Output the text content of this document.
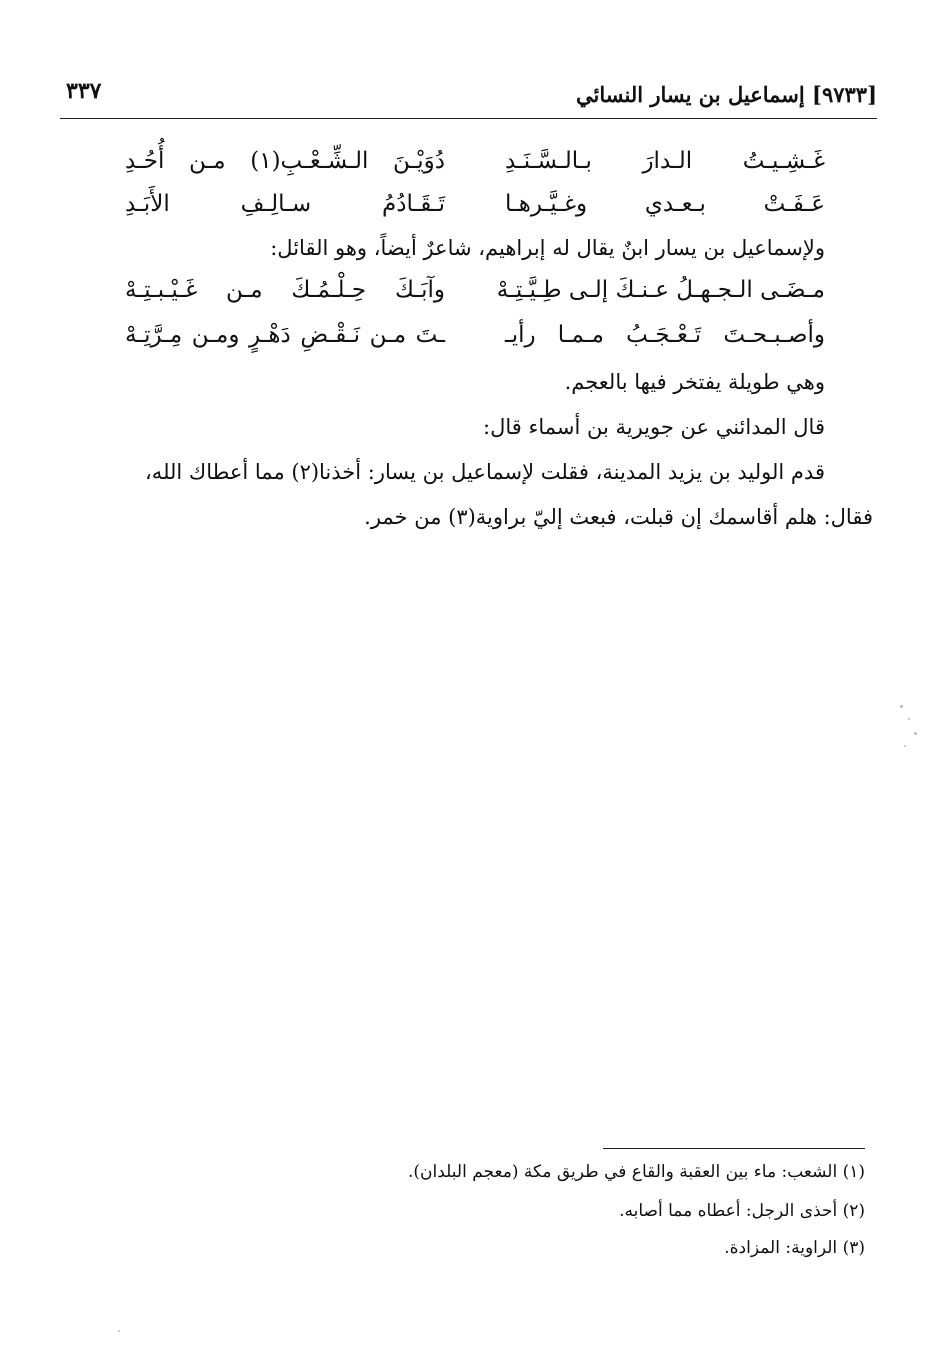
٣٣٧	[٩٧٣٣] إسماعيل بن يسار النسائي
غَـشِـيـتُ الـدارَ بـالـسَّـنَـدِ
دُوَيْـنَ الـشِّـعْـبِ(١) مـن أُحُـدِ
عَـفَـتْ بـعـدي وغـيَّـرهـا
تَـقَـادُمُ سـالِـفِ الأَبَـدِ
ولإسماعيل بن يسار ابنٌ يقال له إبراهيم، شاعرٌ أيضاً، وهو القائل:
مـضَـى الـجـهـلُ عـنـكَ إلـى طِـيَّـتِـهْ
وآبَـكَ حِـلْـمُـكَ مـن غَـيْـبـتِـهْ
وأصـبـحـتَ تَـعْـجَـبُ مـمـا رأيـ
ـتَ مـن نَـقْـضِ دَهْـرٍ ومـن مِـرَّتِـهْ
وهي طويلة يفتخر فيها بالعجم.
قال المدائني عن جويرية بن أسماء قال:
قدم الوليد بن يزيد المدينة، فقلت لإسماعيل بن يسار: أخذنا(٢) مما أعطاك الله،
فقال: هلم أقاسمك إن قبلت، فبعث إليّ براوية(٣) من خمر.
(١) الشعب: ماء بين العقبة والقاع في طريق مكة (معجم البلدان).
(٢) أحذى الرجل: أعطاه مما أصابه.
(٣) الراوية: المزادة.
